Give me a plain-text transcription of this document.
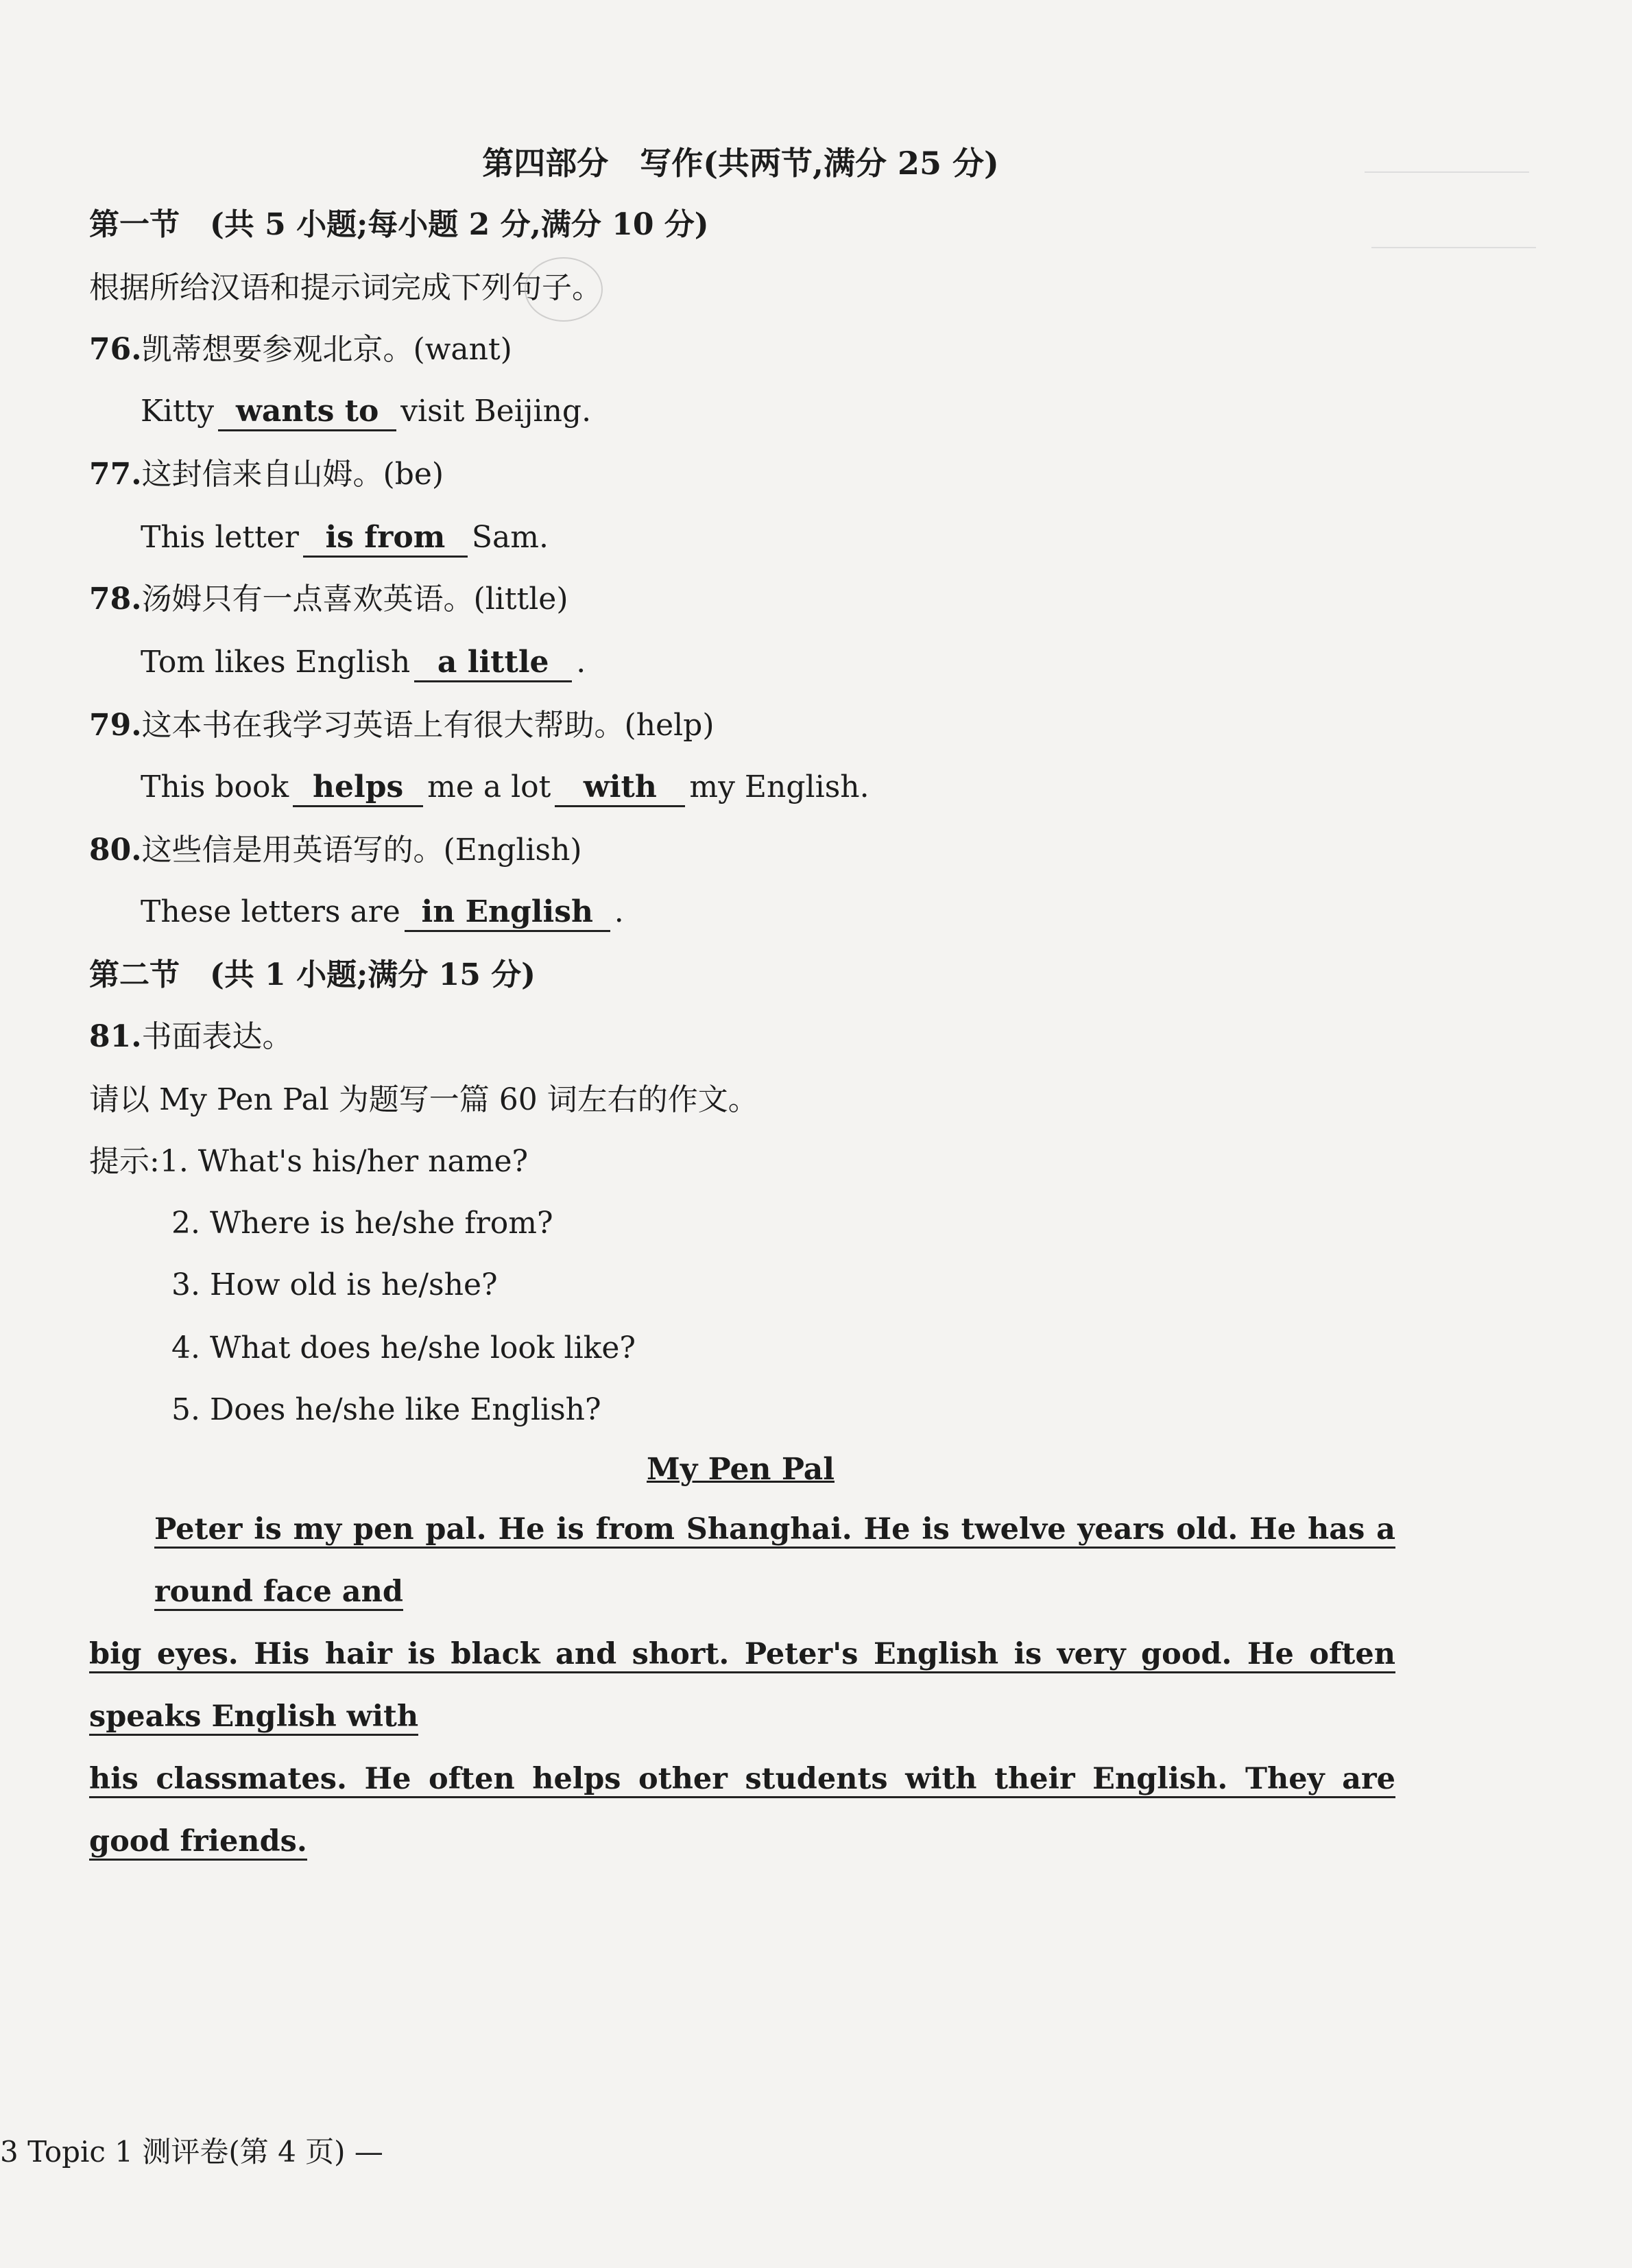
第四部分　写作(共两节,满分 25 分)
第一节　(共 5 小题;每小题 2 分,满分 10 分)
根据所给汉语和提示词完成下列句子。
76.凯蒂想要参观北京。(want)
Kitty wants to visit Beijing.
77.这封信来自山姆。(be)
This letter is from Sam.
78.汤姆只有一点喜欢英语。(little)
Tom likes English a little .
79.这本书在我学习英语上有很大帮助。(help)
This book helps me a lot with my English.
80.这些信是用英语写的。(English)
These letters are in English .
第二节　(共 1 小题;满分 15 分)
81.书面表达。
请以 My Pen Pal 为题写一篇 60 词左右的作文。
提示:1. What's his/her name?
2. Where is he/she from?
3. How old is he/she?
4. What does he/she look like?
5. Does he/she like English?
My Pen Pal
Peter is my pen pal. He is from Shanghai. He is twelve years old. He has a round face and
big eyes. His hair is black and short. Peter's English is very good. He often speaks English with
his classmates. He often helps other students with their English. They are good friends.
3 Topic 1 测评卷(第 4 页) —
